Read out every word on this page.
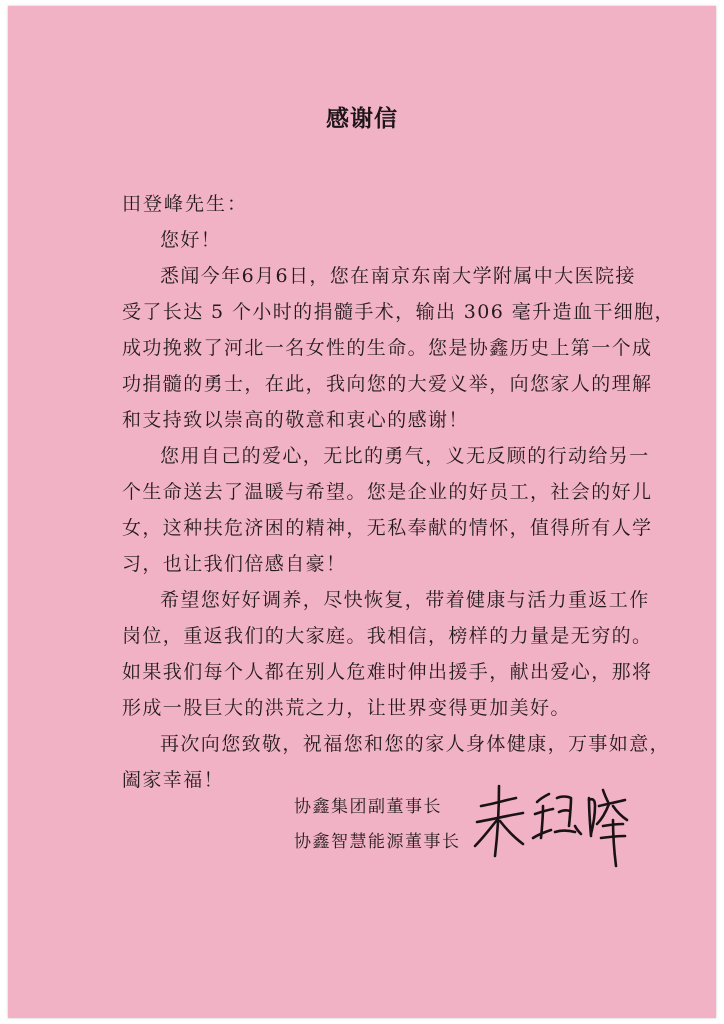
感谢信
田登峰先生：
您好！
悉闻今年6月6日，您在南京东南大学附属中大医院接
受了长达 5 个小时的捐髓手术，输出 306 毫升造血干细胞，
成功挽救了河北一名女性的生命。您是协鑫历史上第一个成
功捐髓的勇士，在此，我向您的大爱义举，向您家人的理解
和支持致以崇高的敬意和衷心的感谢！
您用自己的爱心，无比的勇气，义无反顾的行动给另一
个生命送去了温暖与希望。您是企业的好员工，社会的好儿
女，这种扶危济困的精神，无私奉献的情怀，值得所有人学
习，也让我们倍感自豪！
希望您好好调养，尽快恢复，带着健康与活力重返工作
岗位，重返我们的大家庭。我相信，榜样的力量是无穷的。
如果我们每个人都在别人危难时伸出援手，献出爱心，那将
形成一股巨大的洪荒之力，让世界变得更加美好。
再次向您致敬，祝福您和您的家人身体健康，万事如意，
阖家幸福！
协鑫集团副董事长
协鑫智慧能源董事长
